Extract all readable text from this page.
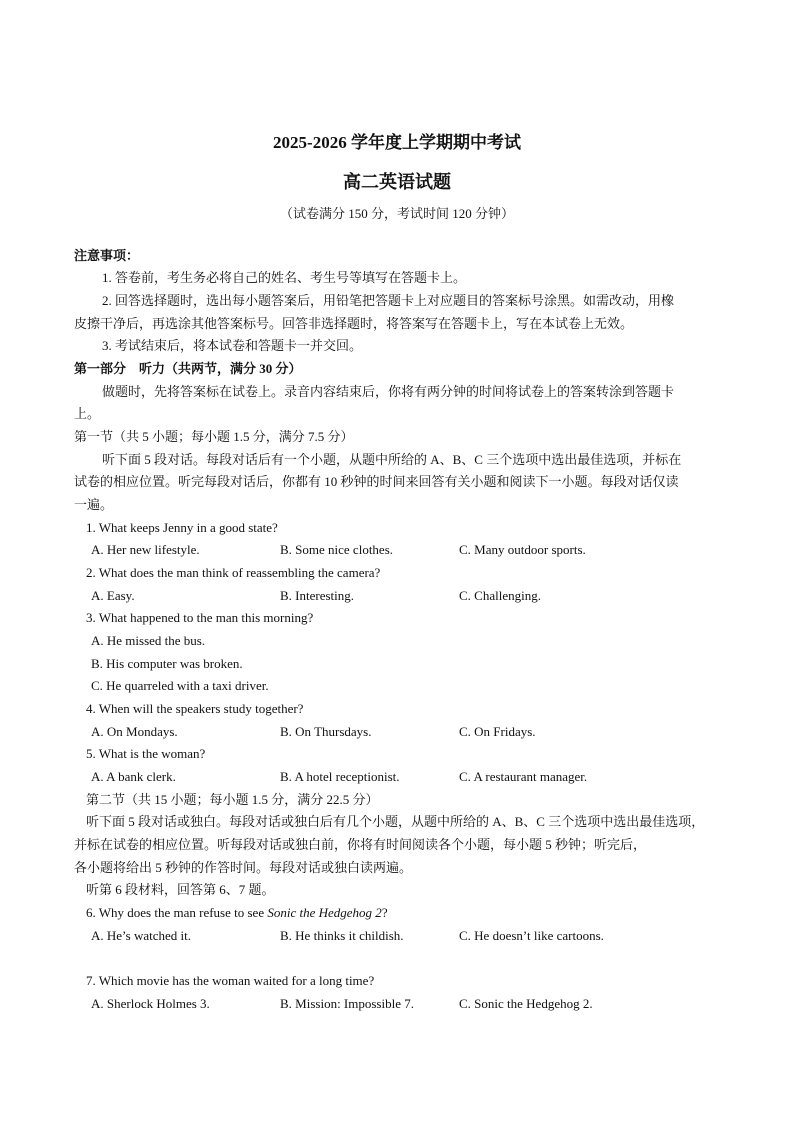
2025-2026 学年度上学期期中考试
高二英语试题
（试卷满分 150 分，考试时间 120 分钟）
注意事项：
1. 答卷前，考生务必将自己的姓名、考生号等填写在答题卡上。
2. 回答选择题时，选出每小题答案后，用铅笔把答题卡上对应题目的答案标号涂黑。如需改动，用橡
皮擦干净后，再选涂其他答案标号。回答非选择题时，将答案写在答题卡上，写在本试卷上无效。
3. 考试结束后，将本试卷和答题卡一并交回。
第一部分　听力（共两节，满分 30 分）
做题时，先将答案标在试卷上。录音内容结束后，你将有两分钟的时间将试卷上的答案转涂到答题卡
上。
第一节（共 5 小题；每小题 1.5 分，满分 7.5 分）
听下面 5 段对话。每段对话后有一个小题，从题中所给的 A、B、C 三个选项中选出最佳选项，并标在
试卷的相应位置。听完每段对话后，你都有 10 秒钟的时间来回答有关小题和阅读下一小题。每段对话仅读
一遍。
1. What keeps Jenny in a good state?
A. Her new lifestyle.	B. Some nice clothes.	C. Many outdoor sports.
2. What does the man think of reassembling the camera?
A. Easy.	B. Interesting.	C. Challenging.
3. What happened to the man this morning?
A. He missed the bus.
B. His computer was broken.
C. He quarreled with a taxi driver.
4. When will the speakers study together?
A. On Mondays.	B. On Thursdays.	C. On Fridays.
5. What is the woman?
A. A bank clerk.	B. A hotel receptionist.	C. A restaurant manager.
第二节（共 15 小题；每小题 1.5 分，满分 22.5 分）
听下面 5 段对话或独白。每段对话或独白后有几个小题，从题中所给的 A、B、C 三个选项中选出最佳选项，
并标在试卷的相应位置。听每段对话或独白前，你将有时间阅读各个小题，每小题 5 秒钟；听完后，
各小题将给出 5 秒钟的作答时间。每段对话或独白读两遍。
听第 6 段材料，回答第 6、7 题。
6. Why does the man refuse to see Sonic the Hedgehog 2?
A. He’s watched it.	B. He thinks it childish.	C. He doesn’t like cartoons.
7. Which movie has the woman waited for a long time?
A. Sherlock Holmes 3.	B. Mission: Impossible 7.	C. Sonic the Hedgehog 2.
